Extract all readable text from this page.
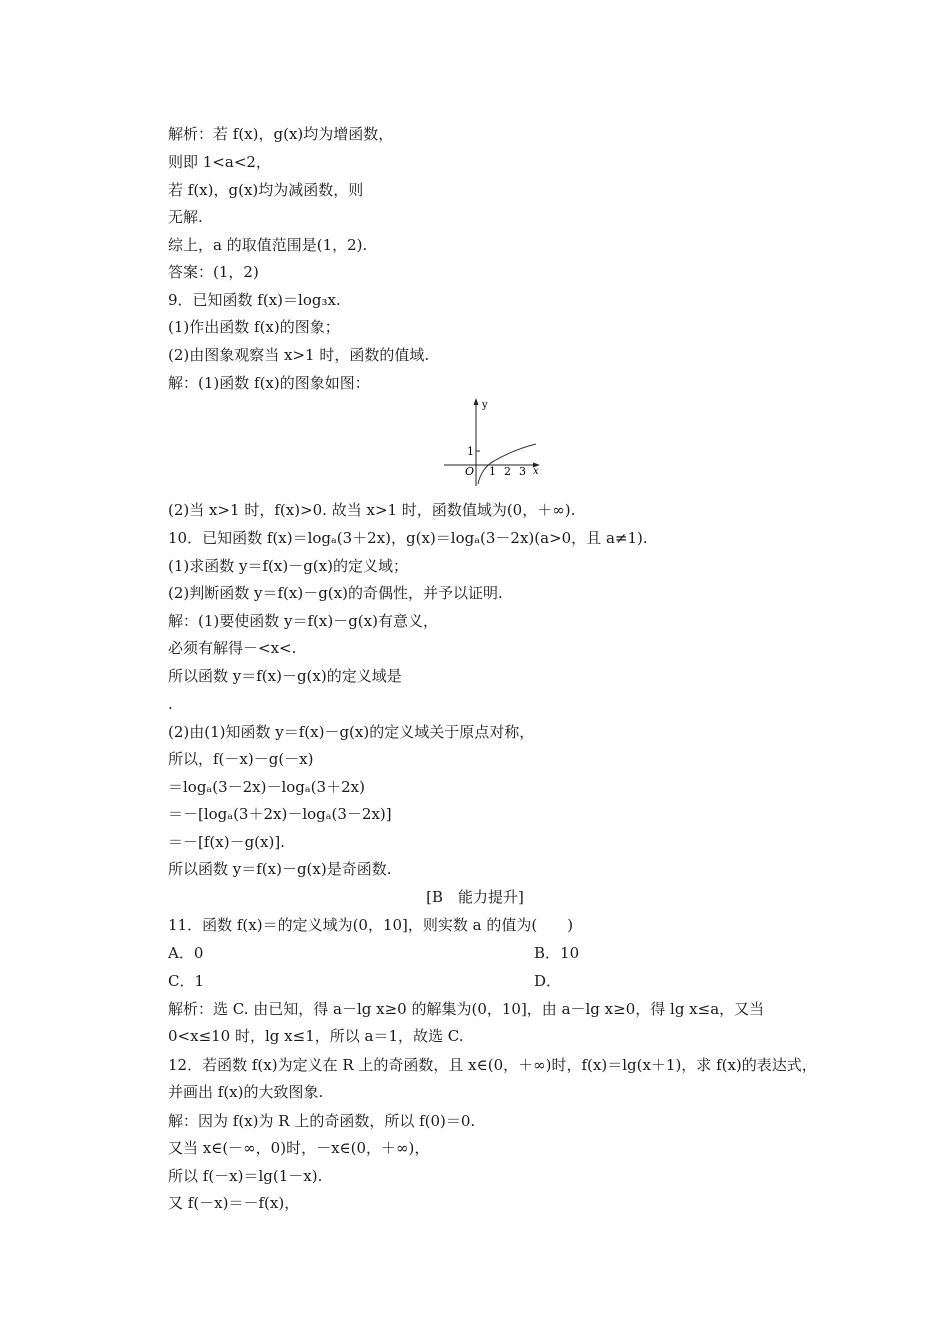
解析：若 f(x)，g(x)均为增函数，
则即 1<a<2，
若 f(x)，g(x)均为减函数，则
无解.
综上，a 的取值范围是(1，2).
答案：(1，2)
9．已知函数 f(x)＝log₃x.
(1)作出函数 f(x)的图象；
(2)由图象观察当 x>1 时，函数的值域.
解：(1)函数 f(x)的图象如图：
y
x
O
1
1 2 3
(2)当 x>1 时，f(x)>0. 故当 x>1 时，函数值域为(0，＋∞).
10．已知函数 f(x)＝logₐ(3＋2x)，g(x)＝logₐ(3－2x)(a>0，且 a≠1).
(1)求函数 y＝f(x)－g(x)的定义域；
(2)判断函数 y＝f(x)－g(x)的奇偶性，并予以证明.
解：(1)要使函数 y＝f(x)－g(x)有意义，
必须有解得－<x<.
所以函数 y＝f(x)－g(x)的定义域是
.
(2)由(1)知函数 y＝f(x)－g(x)的定义域关于原点对称，
所以，f(－x)－g(－x)
＝logₐ(3－2x)－logₐ(3＋2x)
＝－[logₐ(3＋2x)－logₐ(3－2x)]
＝－[f(x)－g(x)].
所以函数 y＝f(x)－g(x)是奇函数.
[B　能力提升]
11．函数 f(x)＝的定义域为(0，10]，则实数 a 的值为(　　)
A．0	B．10
C．1	D．
解析：选 C. 由已知，得 a－lg x≥0 的解集为(0，10]，由 a－lg x≥0，得 lg x≤a，又当 0<x≤10 时，lg x≤1，所以 a＝1，故选 C.
12．若函数 f(x)为定义在 R 上的奇函数，且 x∈(0，＋∞)时，f(x)＝lg(x＋1)，求 f(x)的表达式，并画出 f(x)的大致图象.
解：因为 f(x)为 R 上的奇函数，所以 f(0)＝0.
又当 x∈(－∞，0)时，－x∈(0，＋∞)，
所以 f(－x)＝lg(1－x).
又 f(－x)＝－f(x)，
